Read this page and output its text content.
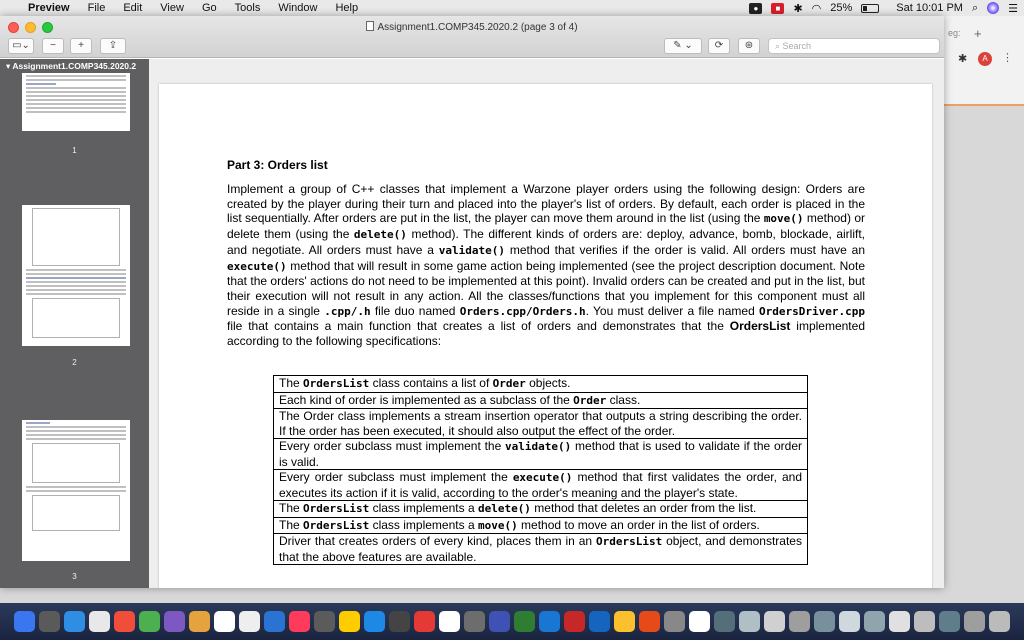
Preview File Edit View Go Tools Window Help	●	■	✱ ◠ 25%	Sat 10:01 PM ⌕	☰
eg: +
✱	A	⋮
Assignment1.COMP345.2020.2 (page 3 of 4)
▭⌄	−	+	⇪	✎ ⌄	⟳	⊛	⌕ Search
▾ Assignment1.COMP345.2020.2
1
2
3
Part 3: Orders list
Implement a group of C++ classes that implement a Warzone player orders using the following design: Orders are created by the player during their turn and placed into the player's list of orders. By default, each order is placed in the list sequentially. After orders are put in the list, the player can move them around in the list (using the move() method) or delete them (using the delete() method). The different kinds of orders are: deploy, advance, bomb, blockade, airlift, and negotiate. All orders must have a validate() method that verifies if the order is valid. All orders must have an execute() method that will result in some game action being implemented (see the project description document. Note that the orders' actions do not need to be implemented at this point). Invalid orders can be created and put in the list, but their execution will not result in any action. All the classes/functions that you implement for this component must all reside in a single .cpp/.h file duo named Orders.cpp/Orders.h. You must deliver a file named OrdersDriver.cpp file that contains a main function that creates a list of orders and demonstrates that the OrdersList implemented according to the following specifications:
The OrdersList class contains a list of Order objects.
Each kind of order is implemented as a subclass of the Order class.
The Order class implements a stream insertion operator that outputs a string describing the order. If the order has been executed, it should also output the effect of the order.
Every order subclass must implement the validate() method that is used to validate if the order is valid.
Every order subclass must implement the execute() method that first validates the order, and executes its action if it is valid, according to the order's meaning and the player's state.
The OrdersList class implements a delete() method that deletes an order from the list.
The OrdersList class implements a move() method to move an order in the list of orders.
Driver that creates orders of every kind, places them in an OrdersList object, and demonstrates that the above features are available.
